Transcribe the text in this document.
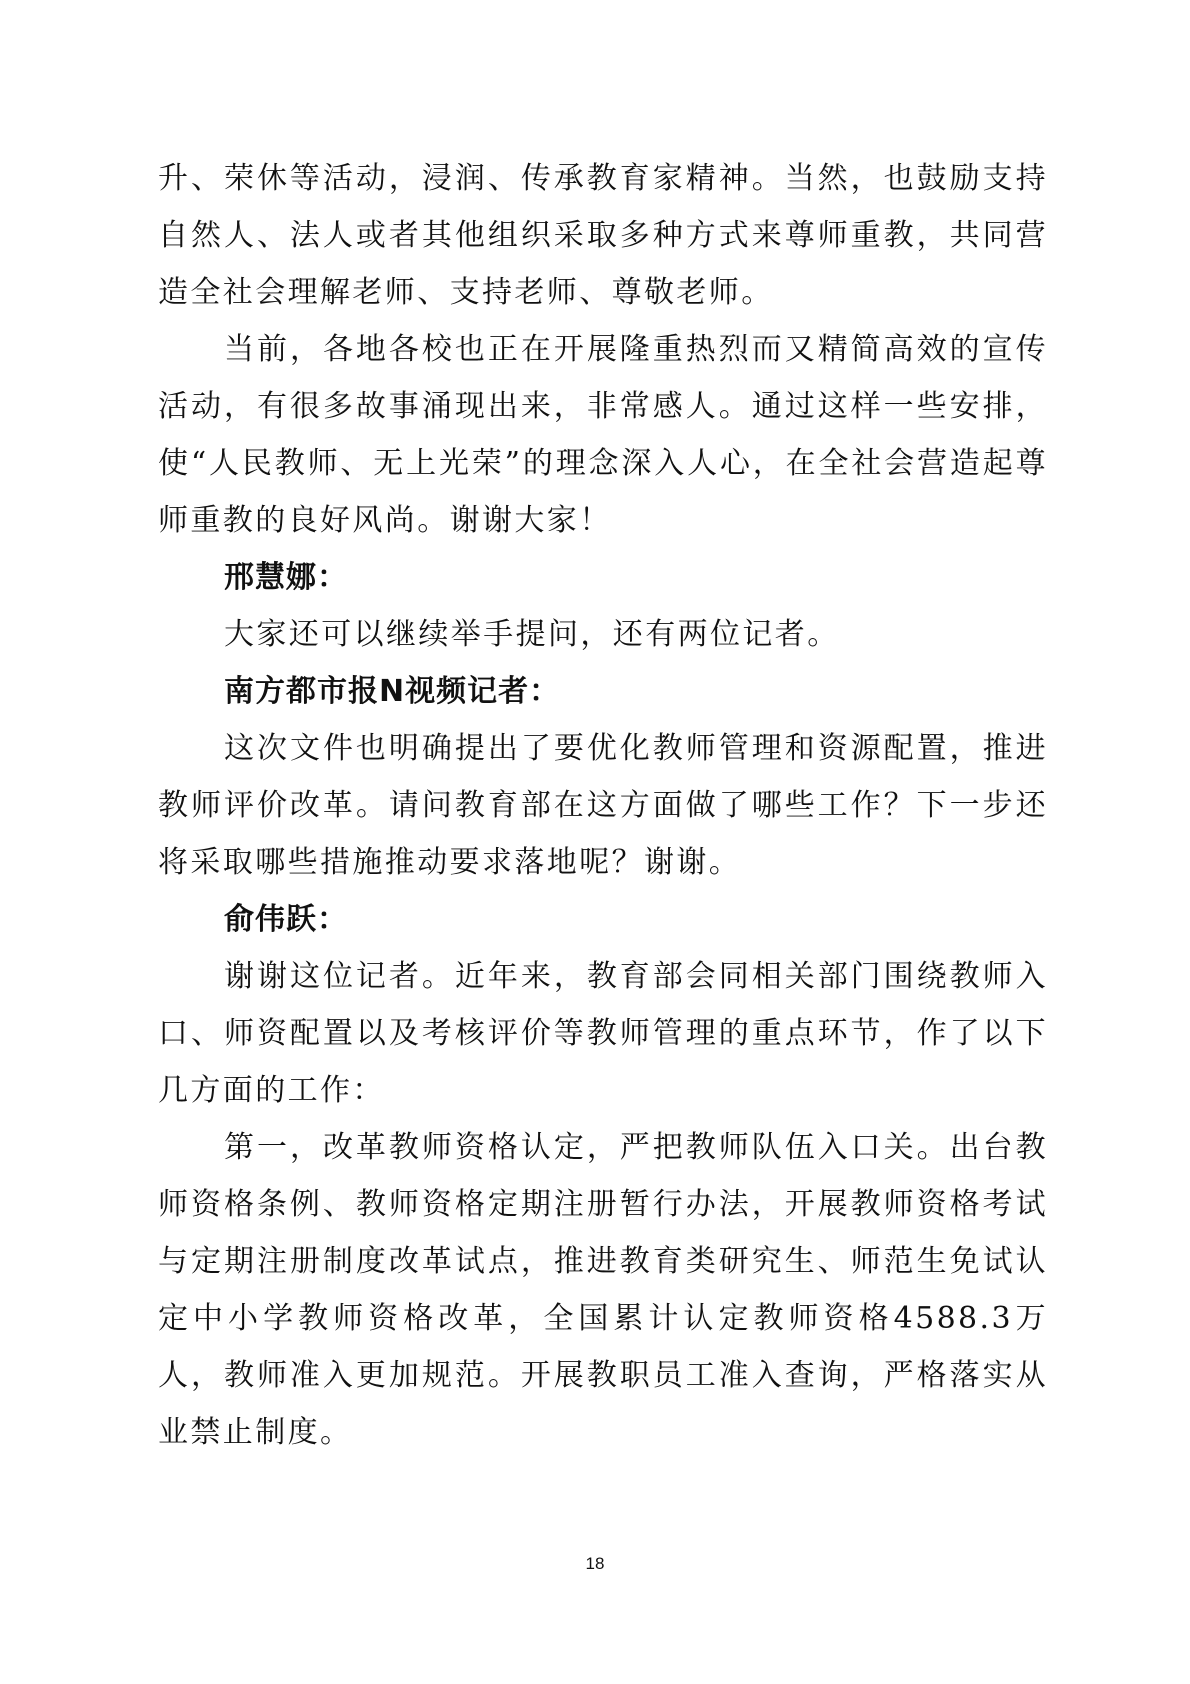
升、荣休等活动，浸润、传承教育家精神。当然，也鼓励支持自然人、法人或者其他组织采取多种方式来尊师重教，共同营造全社会理解老师、支持老师、尊敬老师。

当前，各地各校也正在开展隆重热烈而又精简高效的宣传活动，有很多故事涌现出来，非常感人。通过这样一些安排，使“人民教师、无上光荣”的理念深入人心，在全社会营造起尊师重教的良好风尚。谢谢大家！

邢慧娜：

大家还可以继续举手提问，还有两位记者。

南方都市报N视频记者：

这次文件也明确提出了要优化教师管理和资源配置，推进教师评价改革。请问教育部在这方面做了哪些工作？下一步还将采取哪些措施推动要求落地呢？谢谢。

俞伟跃：

谢谢这位记者。近年来，教育部会同相关部门围绕教师入口、师资配置以及考核评价等教师管理的重点环节，作了以下几方面的工作：

第一，改革教师资格认定，严把教师队伍入口关。出台教师资格条例、教师资格定期注册暂行办法，开展教师资格考试与定期注册制度改革试点，推进教育类研究生、师范生免试认定中小学教师资格改革，全国累计认定教师资格4588.3万人，教师准入更加规范。开展教职员工准入查询，严格落实从业禁止制度。

18
